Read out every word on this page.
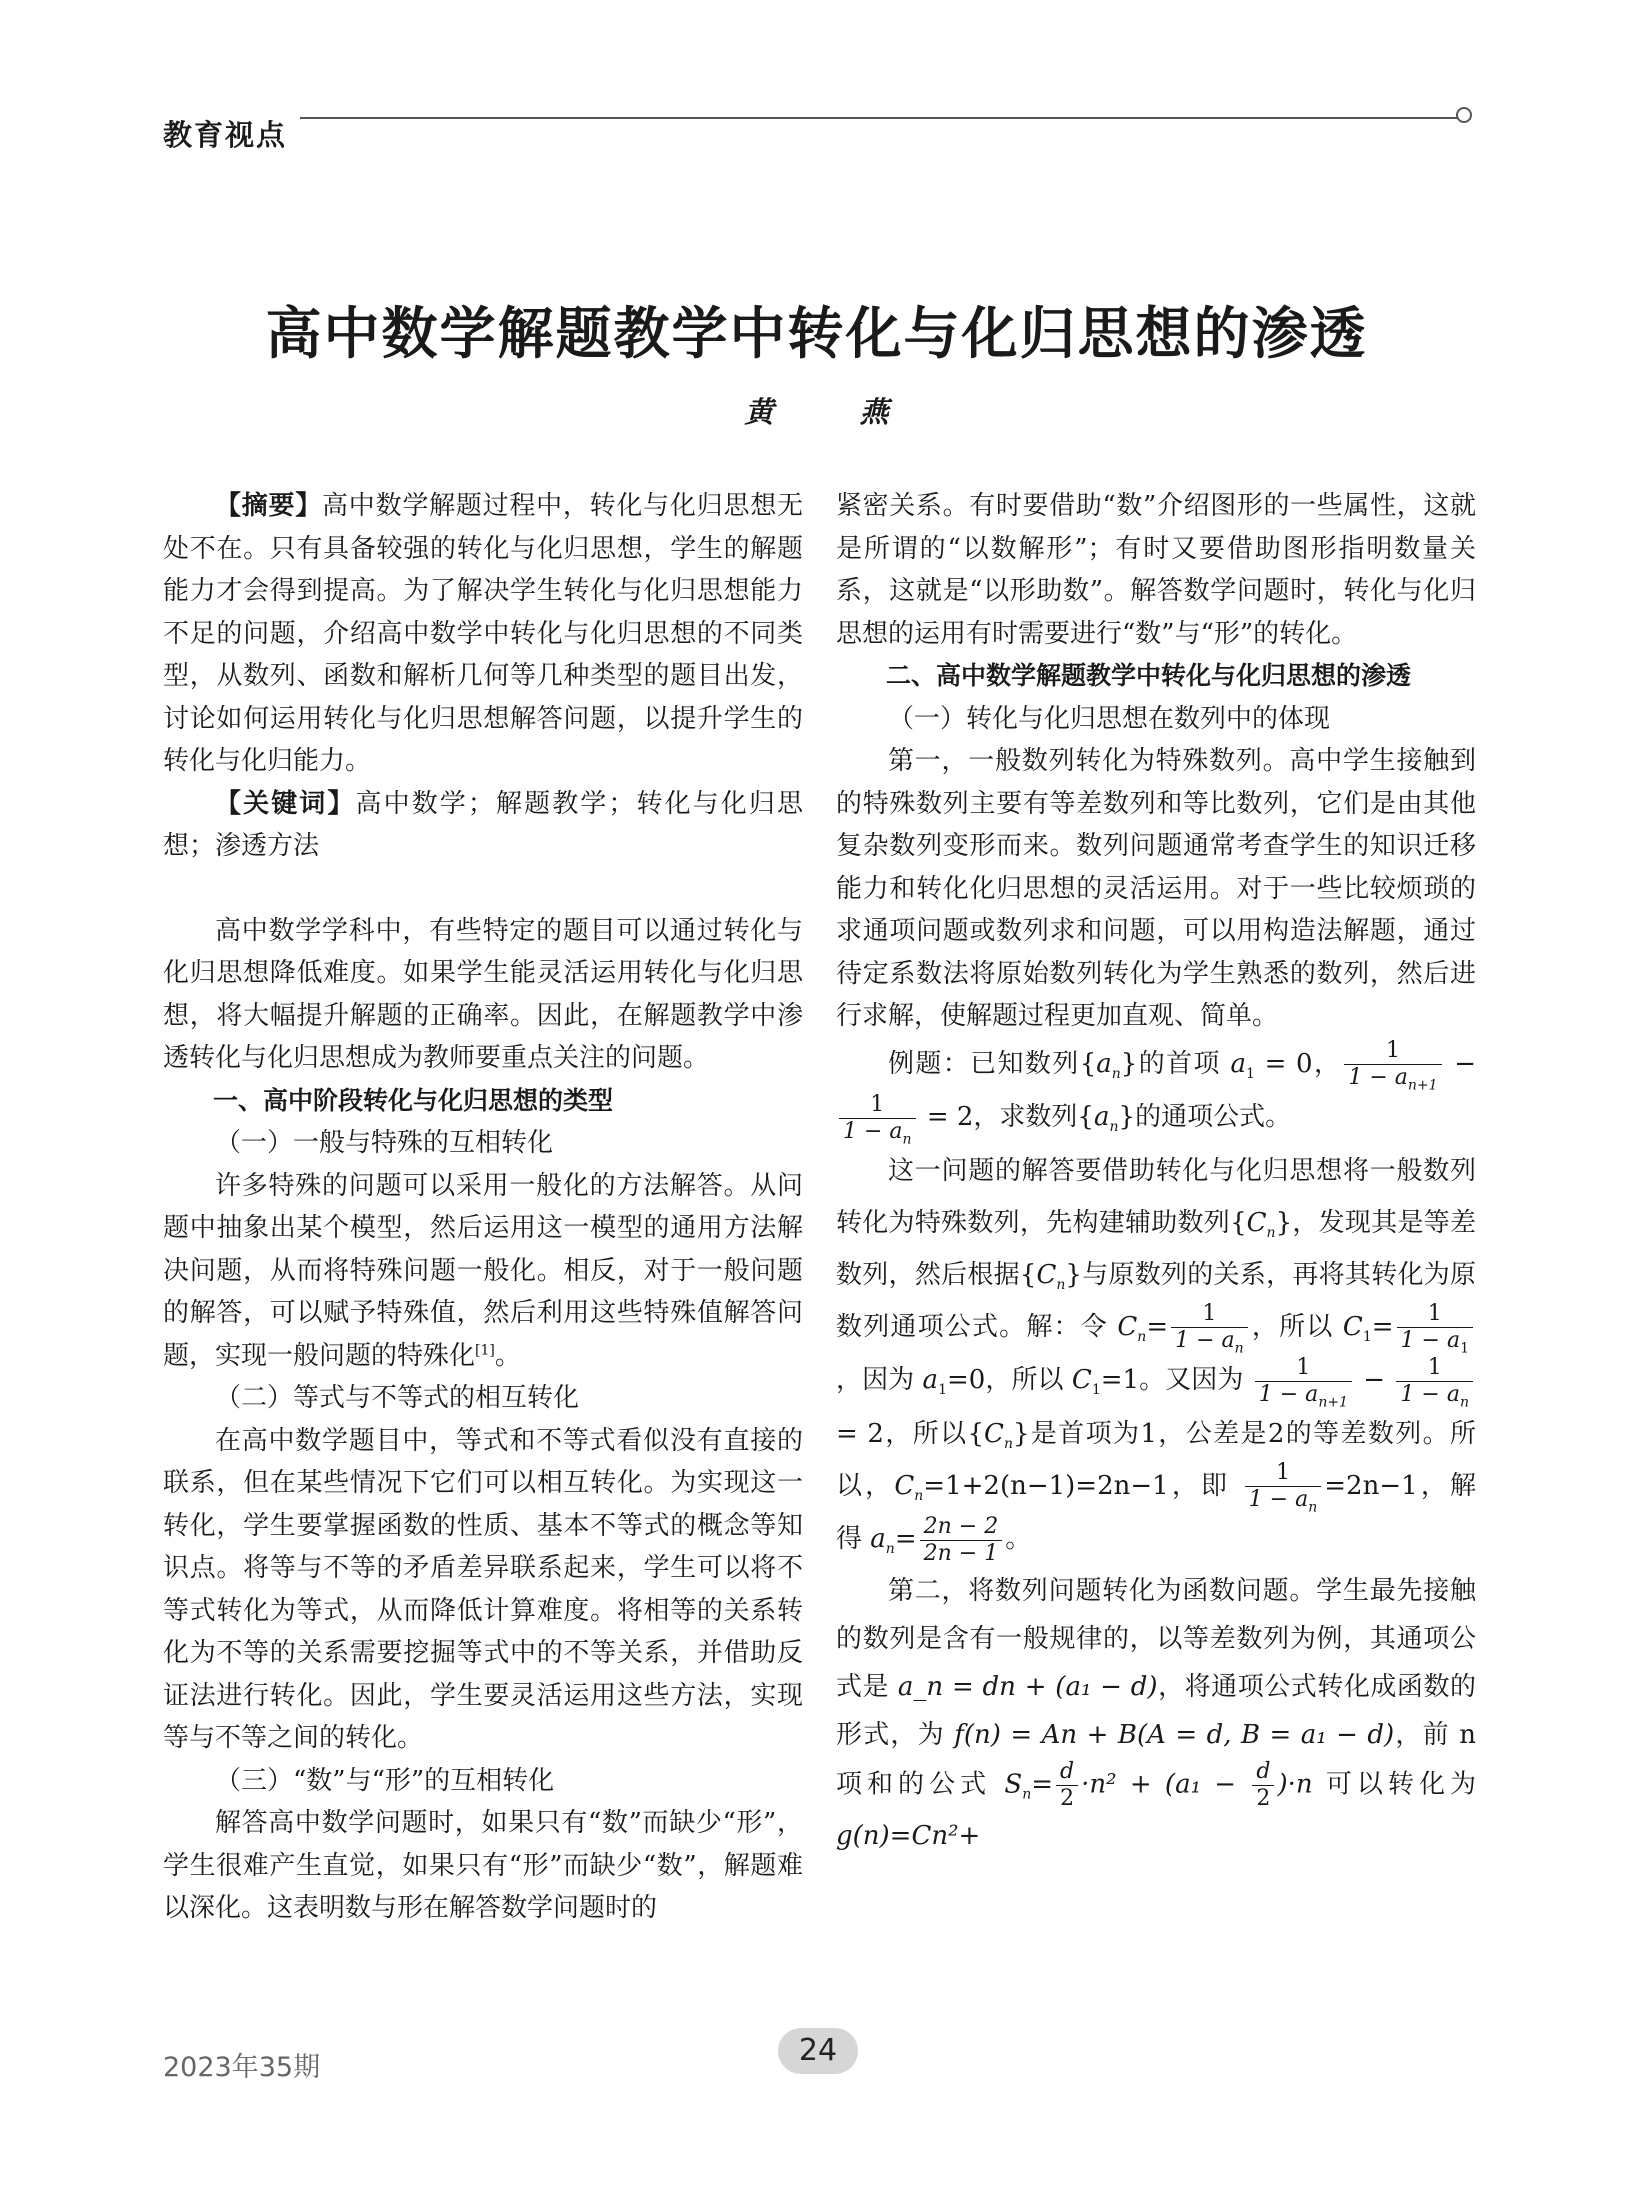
教育视点
高中数学解题教学中转化与化归思想的渗透
黄 燕

【摘要】高中数学解题过程中，转化与化归思想无处不在。只有具备较强的转化与化归思想，学生的解题能力才会得到提高。为了解决学生转化与化归思想能力不足的问题，介绍高中数学中转化与化归思想的不同类型，从数列、函数和解析几何等几种类型的题目出发，讨论如何运用转化与化归思想解答问题，以提升学生的转化与化归能力。

【关键词】高中数学；解题教学；转化与化归思想；渗透方法

高中数学学科中，有些特定的题目可以通过转化与化归思想降低难度。如果学生能灵活运用转化与化归思想，将大幅提升解题的正确率。因此，在解题教学中渗透转化与化归思想成为教师要重点关注的问题。

一、高中阶段转化与化归思想的类型

（一）一般与特殊的互相转化

许多特殊的问题可以采用一般化的方法解答。从问题中抽象出某个模型，然后运用这一模型的通用方法解决问题，从而将特殊问题一般化。相反，对于一般问题的解答，可以赋予特殊值，然后利用这些特殊值解答问题，实现一般问题的特殊化[1]。

（二）等式与不等式的相互转化

在高中数学题目中，等式和不等式看似没有直接的联系，但在某些情况下它们可以相互转化。为实现这一转化，学生要掌握函数的性质、基本不等式的概念等知识点。将等与不等的矛盾差异联系起来，学生可以将不等式转化为等式，从而降低计算难度。将相等的关系转化为不等的关系需要挖掘等式中的不等关系，并借助反证法进行转化。因此，学生要灵活运用这些方法，实现等与不等之间的转化。

（三）“数”与“形”的互相转化

解答高中数学问题时，如果只有“数”而缺少“形”，学生很难产生直觉，如果只有“形”而缺少“数”，解题难以深化。这表明数与形在解答数学问题时的

紧密关系。有时要借助“数”介绍图形的一些属性，这就是所谓的“以数解形”；有时又要借助图形指明数量关系，这就是“以形助数”。解答数学问题时，转化与化归思想的运用有时需要进行“数”与“形”的转化。

二、高中数学解题教学中转化与化归思想的渗透

（一）转化与化归思想在数列中的体现

第一，一般数列转化为特殊数列。高中学生接触到的特殊数列主要有等差数列和等比数列，它们是由其他复杂数列变形而来。数列问题通常考查学生的知识迁移能力和转化化归思想的灵活运用。对于一些比较烦琐的求通项问题或数列求和问题，可以用构造法解题，通过待定系数法将原始数列转化为学生熟悉的数列，然后进行求解，使解题过程更加直观、简单。

例题：已知数列$\{a_n\}$的首项 $a_1 = 0$， $\frac{1}{1 - a_{n+1}}$ −
$\frac{1}{1 - a_n} = 2$，求数列$\{a_n\}$的通项公式。

这一问题的解答要借助转化与化归思想将一般数列转化为特殊数列，先构建辅助数列$\{C_n\}$，发现其是等差数列，然后根据$\{C_n\}$与原数列的关系，再将其转化为原数列通项公式。解：令 $C_n= \frac{1}{1 - a_n}$ ，所以 $C_1= \frac{1}{1 - a_1}$
，因为 $a_1=0$，所以 $C_1=1$。又因为 $\frac{1}{1 - a_{n+1}} - \frac{1}{1 - a_n}$
= 2，所以$\{C_n\}$是首项为1，公差是2的等差数列。所以，$C_n=1+2(n-1)=2n-1$，即 $\frac{1}{1 - a_n} =2n-1$，解得 $a_n= \frac{2n - 2}{2n - 1}$ 。

第二，将数列问题转化为函数问题。学生最先接触的数列是含有一般规律的，以等差数列为例，其通项公式是 a_n = dn + (a₁ − d)，将通项公式转化成函数的形式，为 f(n) = An + B(A = d, B = a₁ − d)，前 n 项和的公式 $S_n= \frac{d}{2} \cdot n^2 + (a_1 - \frac{d}{2} )\cdot n$ 可以转化为 g(n)=Cn²+

2023年35期	24
